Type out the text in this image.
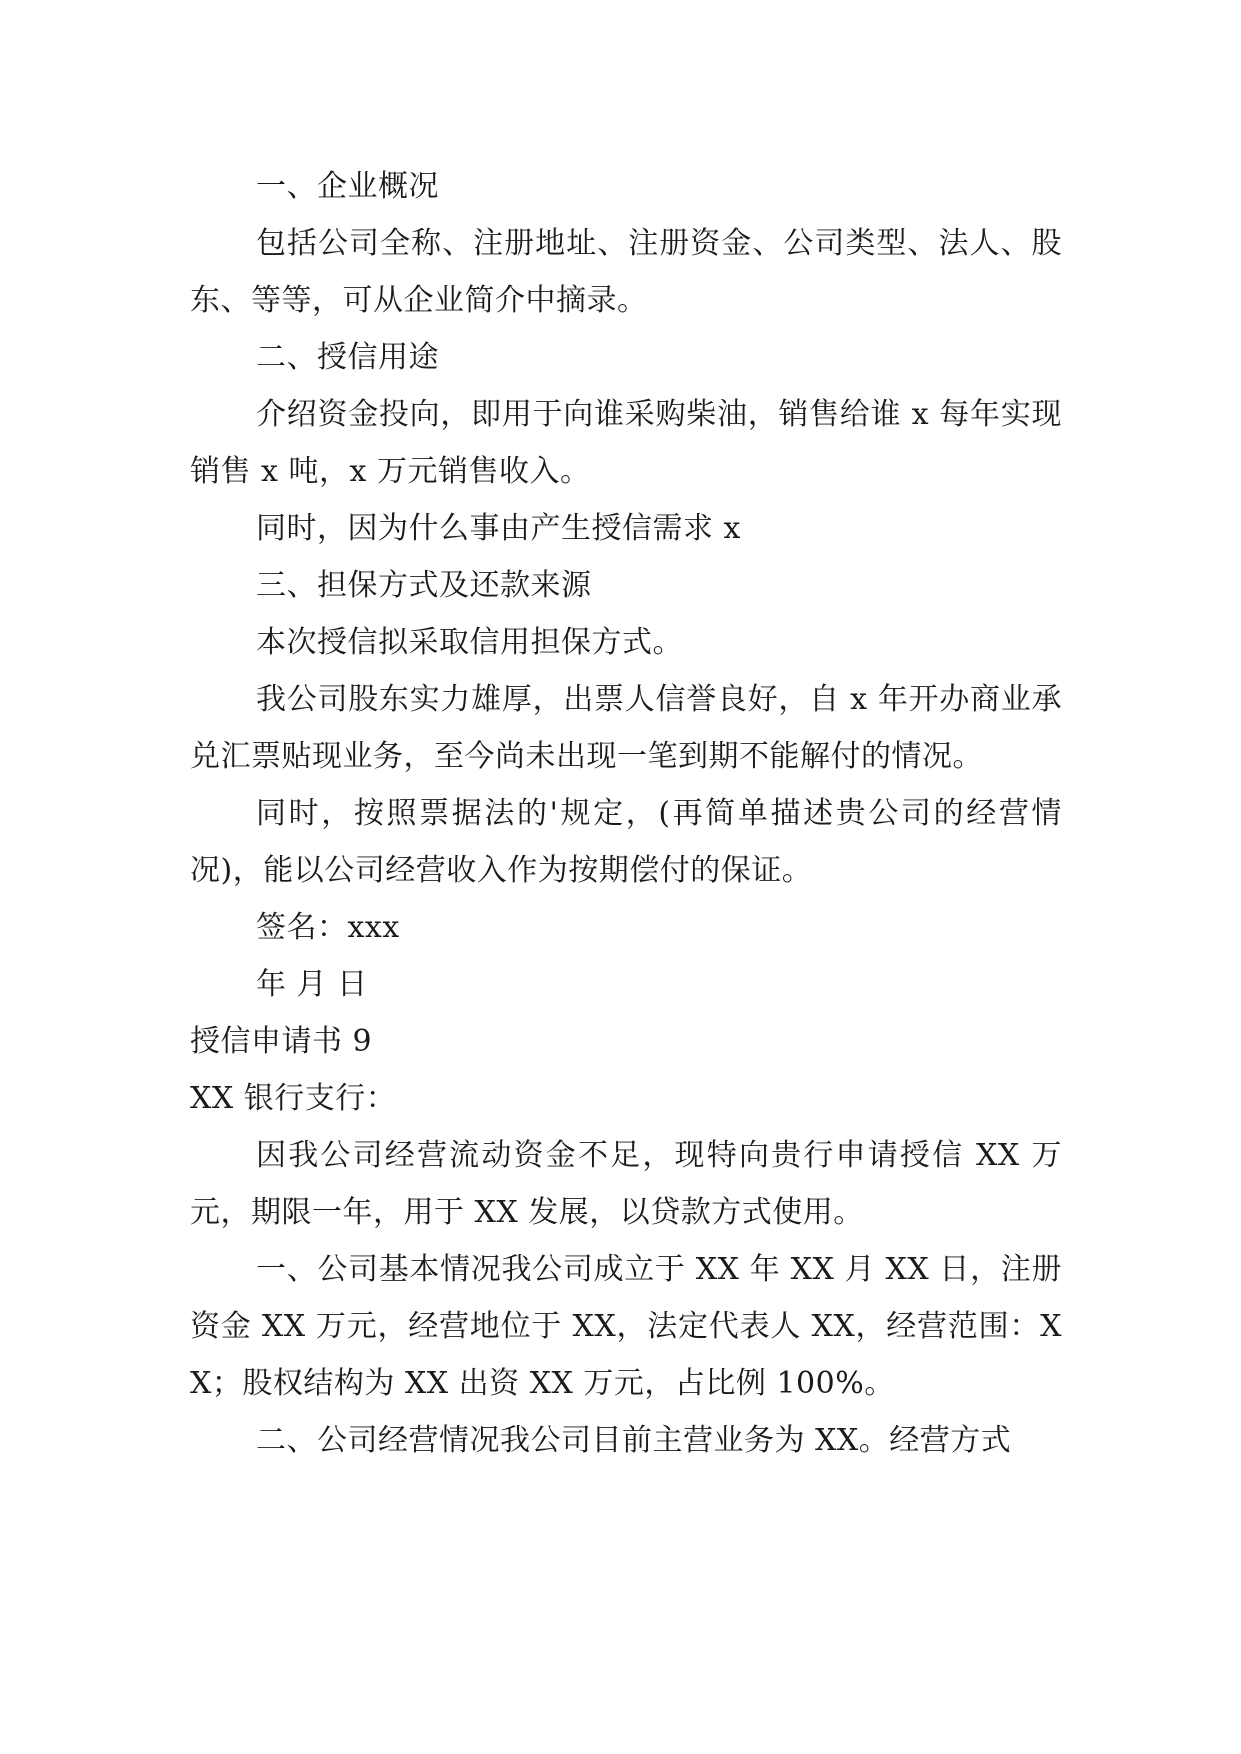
一、企业概况

包括公司全称、注册地址、注册资金、公司类型、法人、股东、等等，可从企业简介中摘录。

二、授信用途

介绍资金投向，即用于向谁采购柴油，销售给谁 x 每年实现销售 x 吨，x 万元销售收入。

同时，因为什么事由产生授信需求 x

三、担保方式及还款来源

本次授信拟采取信用担保方式。

我公司股东实力雄厚，出票人信誉良好，自 x 年开办商业承兑汇票贴现业务，至今尚未出现一笔到期不能解付的情况。

同时，按照票据法的'规定，(再简单描述贵公司的经营情况)，能以公司经营收入作为按期偿付的保证。

签名：xxx

年 月 日

授信申请书 9

XX 银行支行：

因我公司经营流动资金不足，现特向贵行申请授信 XX 万元，期限一年，用于 XX 发展，以贷款方式使用。

一、公司基本情况我公司成立于 XX 年 XX 月 XX 日，注册资金 XX 万元，经营地位于 XX，法定代表人 XX，经营范围：XX；股权结构为 XX 出资 XX 万元，占比例 100%。

二、公司经营情况我公司目前主营业务为 XX。经营方式
